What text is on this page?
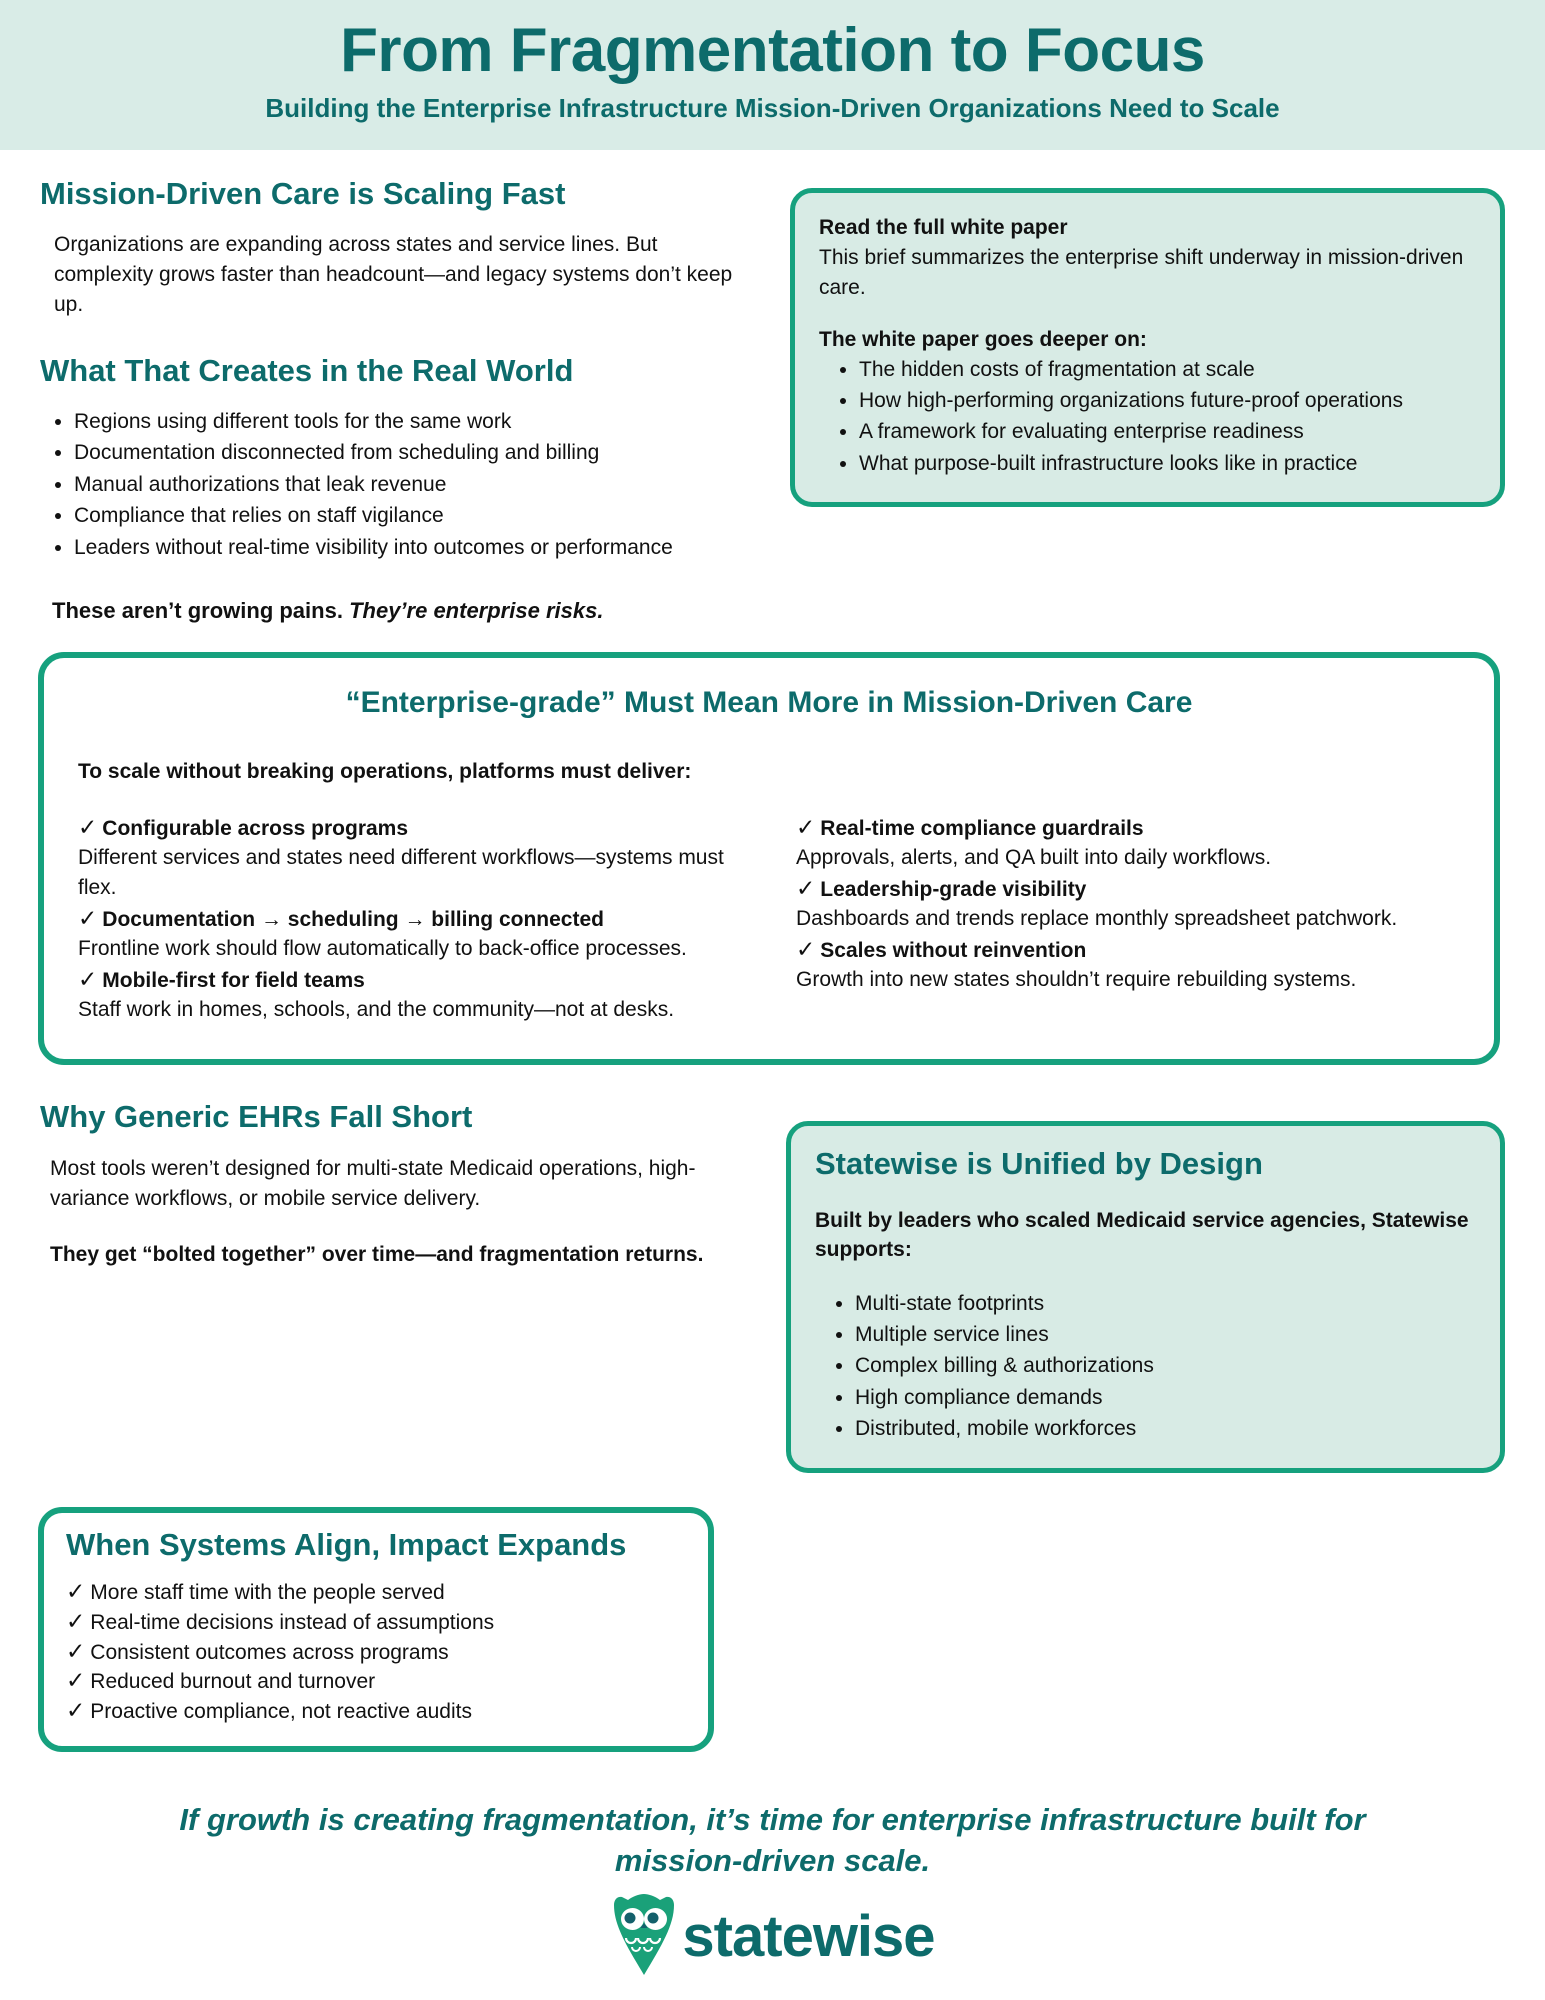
From Fragmentation to Focus
Building the Enterprise Infrastructure Mission-Driven Organizations Need to Scale
Mission-Driven Care is Scaling Fast

Organizations are expanding across states and service lines. But complexity grows faster than headcount—and legacy systems don’t keep up.

What That Creates in the Real World
• Regions using different tools for the same work
• Documentation disconnected from scheduling and billing
• Manual authorizations that leak revenue
• Compliance that relies on staff vigilance
• Leaders without real-time visibility into outcomes or performance

Read the full white paper

This brief summarizes the enterprise shift underway in mission-driven care.

The white paper goes deeper on:

• The hidden costs of fragmentation at scale
• How high-performing organizations future-proof operations
• A framework for evaluating enterprise readiness
• What purpose-built infrastructure looks like in practice
These aren’t growing pains. They’re enterprise risks.
“Enterprise-grade” Must Mean More in Mission-Driven Care
To scale without breaking operations, platforms must deliver:

✓ Configurable across programs

Different services and states need different workflows—systems must flex.

✓ Documentation → scheduling → billing connected

Frontline work should flow automatically to back-office processes.

✓ Mobile-first for field teams

Staff work in homes, schools, and the community—not at desks.

✓ Real-time compliance guardrails

Approvals, alerts, and QA built into daily workflows.

✓ Leadership-grade visibility

Dashboards and trends replace monthly spreadsheet patchwork.

✓ Scales without reinvention

Growth into new states shouldn’t require rebuilding systems.

Why Generic EHRs Fall Short

Most tools weren’t designed for multi-state Medicaid operations, high-variance workflows, or mobile service delivery.

They get “bolted together” over time—and fragmentation returns.

Statewise is Unified by Design

Built by leaders who scaled Medicaid service agencies, Statewise supports:

• Multi-state footprints
• Multiple service lines
• Complex billing & authorizations
• High compliance demands
• Distributed, mobile workforces
When Systems Align, Impact Expands
✓ More staff time with the people served
✓ Real-time decisions instead of assumptions
✓ Consistent outcomes across programs
✓ Reduced burnout and turnover
✓ Proactive compliance, not reactive audits
If growth is creating fragmentation, it’s time for enterprise infrastructure built for mission-driven scale.
statewise
